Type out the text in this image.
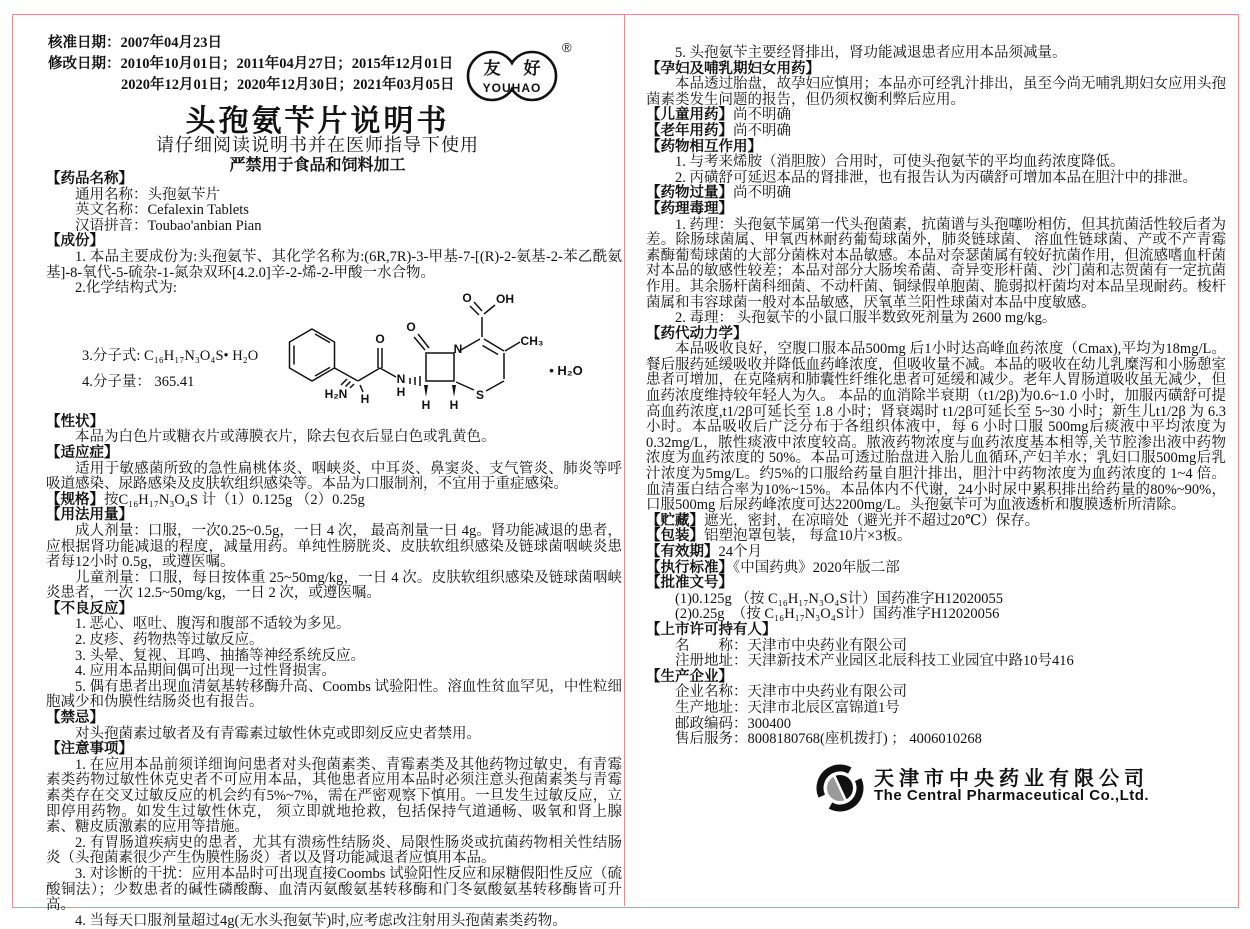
核准日期： 2007年04月23日
修改日期： 2010年10月01日；2011年04月27日；2015年12月01日
2020年12月01日；2020年12月30日；2021年03月05日
友 好
YOUHAO
®
头孢氨苄片说明书
请仔细阅读说明书并在医师指导下使用
严禁用于食品和饲料加工
【药品名称】

通用名称：头孢氨苄片

英文名称：Cefalexin Tablets

汉语拼音：Toubao'anbian Pian

【成份】

1. 本品主要成份为:头孢氨苄、其化学名称为:(6R,7R)-3-甲基-7-[(R)-2-氨基-2-苯乙酰氨基]-8-氧代-5-硫杂-1-氮杂双环[4.2.0]辛-2-烯-2-甲酸一水合物。

2.化学结构式为:

3.分子式: C₁₆H₁₇N₃O₄S• H₂O
4.分子量： 365.41
O
O
O OH
N
H
N
H₂N H	H H
CH₃
S
• H₂O
【性状】

本品为白色片或糖衣片或薄膜衣片，除去包衣后显白色或乳黄色。

【适应症】

适用于敏感菌所致的急性扁桃体炎、咽峡炎、中耳炎、鼻窦炎、支气管炎、肺炎等呼吸道感染、尿路感染及皮肤软组织感染等。本品为口服制剂，不宜用于重症感染。

【规格】按C₁₆H₁₇N₃O₄S 计（1）0.125g （2）0.25g

【用法用量】

成人剂量：口服，一次0.25~0.5g，一日 4 次， 最高剂量一日 4g。肾功能减退的患者，应根据肾功能减退的程度，减量用药。单纯性膀胱炎、皮肤软组织感染及链球菌咽峡炎患者每12小时 0.5g，或遵医嘱。

儿童剂量：口服，每日按体重 25~50mg/kg，一日 4 次。皮肤软组织感染及链球菌咽峡炎患者，一次 12.5~50mg/kg，一日 2 次，或遵医嘱。

【不良反应】

1. 恶心、呕吐、腹泻和腹部不适较为多见。

2. 皮疹、药物热等过敏反应。

3. 头晕、复视、耳鸣、抽搐等神经系统反应。

4. 应用本品期间偶可出现一过性肾损害。

5. 偶有患者出现血清氨基转移酶升高、Coombs 试验阳性。溶血性贫血罕见，中性粒细胞减少和伪膜性结肠炎也有报告。

【禁忌】

对头孢菌素过敏者及有青霉素过敏性休克或即刻反应史者禁用。

【注意事项】

1. 在应用本品前须详细询问患者对头孢菌素类、青霉素类及其他药物过敏史，有青霉素类药物过敏性休克史者不可应用本品，其他患者应用本品时必须注意头孢菌素类与青霉素类存在交叉过敏反应的机会约有5%~7%，需在严密观察下慎用。一旦发生过敏反应，立即停用药物。如发生过敏性休克， 须立即就地抢救，包括保持气道通畅、吸氧和肾上腺素、糖皮质激素的应用等措施。

2. 有胃肠道疾病史的患者，尤其有溃疡性结肠炎、局限性肠炎或抗菌药物相关性结肠炎（头孢菌素很少产生伪膜性肠炎）者以及肾功能减退者应慎用本品。

3. 对诊断的干扰：应用本品时可出现直接Coombs 试验阳性反应和尿糖假阳性反应（硫酸铜法）；少数患者的碱性磷酸酶、血清丙氨酸氨基转移酶和门冬氨酸氨基转移酶皆可升高。

4. 当每天口服剂量超过4g(无水头孢氨苄)时,应考虑改注射用头孢菌素类药物。

5. 头孢氨苄主要经肾排出，肾功能减退患者应用本品须减量。

【孕妇及哺乳期妇女用药】

本品透过胎盘，故孕妇应慎用；本品亦可经乳汁排出，虽至今尚无哺乳期妇女应用头孢菌素类发生问题的报告，但仍须权衡利弊后应用。

【儿童用药】尚不明确

【老年用药】尚不明确

【药物相互作用】

1. 与考来烯胺（消胆胺）合用时，可使头孢氨苄的平均血药浓度降低。

2. 丙磺舒可延迟本品的肾排泄，也有报告认为丙磺舒可增加本品在胆汁中的排泄。

【药物过量】尚不明确

【药理毒理】

1. 药理：头孢氨苄属第一代头孢菌素，抗菌谱与头孢噻吩相仿，但其抗菌活性较后者为差。除肠球菌属、甲氧西林耐药葡萄球菌外，肺炎链球菌、 溶血性链球菌、产或不产青霉素酶葡萄球菌的大部分菌株对本品敏感。本品对奈瑟菌属有较好抗菌作用，但流感嗜血杆菌对本品的敏感性较差；本品对部分大肠埃希菌、奇异变形杆菌、沙门菌和志贺菌有一定抗菌作用。其余肠杆菌科细菌、不动杆菌、铜绿假单胞菌、脆弱拟杆菌均对本品呈现耐药。梭杆菌属和韦容球菌一般对本品敏感，厌氧革兰阳性球菌对本品中度敏感。

2. 毒理： 头孢氨苄的小鼠口服半数致死剂量为 2600 mg/kg。

【药代动力学】

本品吸收良好，空腹口服本品500mg 后1小时达高峰血药浓度（Cmax),平均为18mg/L。餐后服药延缓吸收并降低血药峰浓度，但吸收量不减。本品的吸收在幼儿乳糜泻和小肠憩室患者可增加，在克隆病和肺囊性纤维化患者可延缓和减少。老年人胃肠道吸收虽无减少，但血药浓度维持较年轻人为久。 本品的血消除半衰期（t1/2β)为0.6~1.0 小时，加服丙磺舒可提高血药浓度,t1/2β可延长至 1.8 小时；肾衰竭时 t1/2β可延长至 5~30 小时；新生儿t1/2β 为 6.3 小时。本品吸收后广泛分布于各组织体液中，每 6 小时口服 500mg后痰液中平均浓度为0.32mg/L，脓性痰液中浓度较高。脓液药物浓度与血药浓度基本相等,关节腔渗出液中药物浓度为血药浓度的 50%。本品可透过胎盘进入胎儿血循环,产妇羊水；乳妇口服500mg后乳汁浓度为5mg/L。约5%的口服给药量自胆汁排出，胆汁中药物浓度为血药浓度的 1~4 倍。血清蛋白结合率为10%~15%。本品体内不代谢，24小时尿中累积排出给药量的80%~90%，口服500mg 后尿药峰浓度可达2200mg/L。头孢氨苄可为血液透析和腹膜透析所清除。

【贮藏】遮光，密封，在凉暗处（避光并不超过20℃）保存。

【包装】铝塑泡罩包装， 每盒10片×3板。

【有效期】24个月

【执行标准】《中国药典》2020年版二部

【批准文号】

(1)0.125g （按 C₁₆H₁₇N₃O₄S计）国药准字H12020055

(2)0.25g　（按 C₁₆H₁₇N₃O₄S计）国药准字H12020056

【上市许可持有人】

名　　称：天津市中央药业有限公司

注册地址：天津新技术产业园区北辰科技工业园宜中路10号416

【生产企业】

企业名称：天津市中央药业有限公司

生产地址：天津市北辰区富锦道1号

邮政编码：300400

售后服务：8008180768(座机拨打) ； 4006010268

天津市中央药业有限公司
The Central Pharmaceutical Co.,Ltd.
